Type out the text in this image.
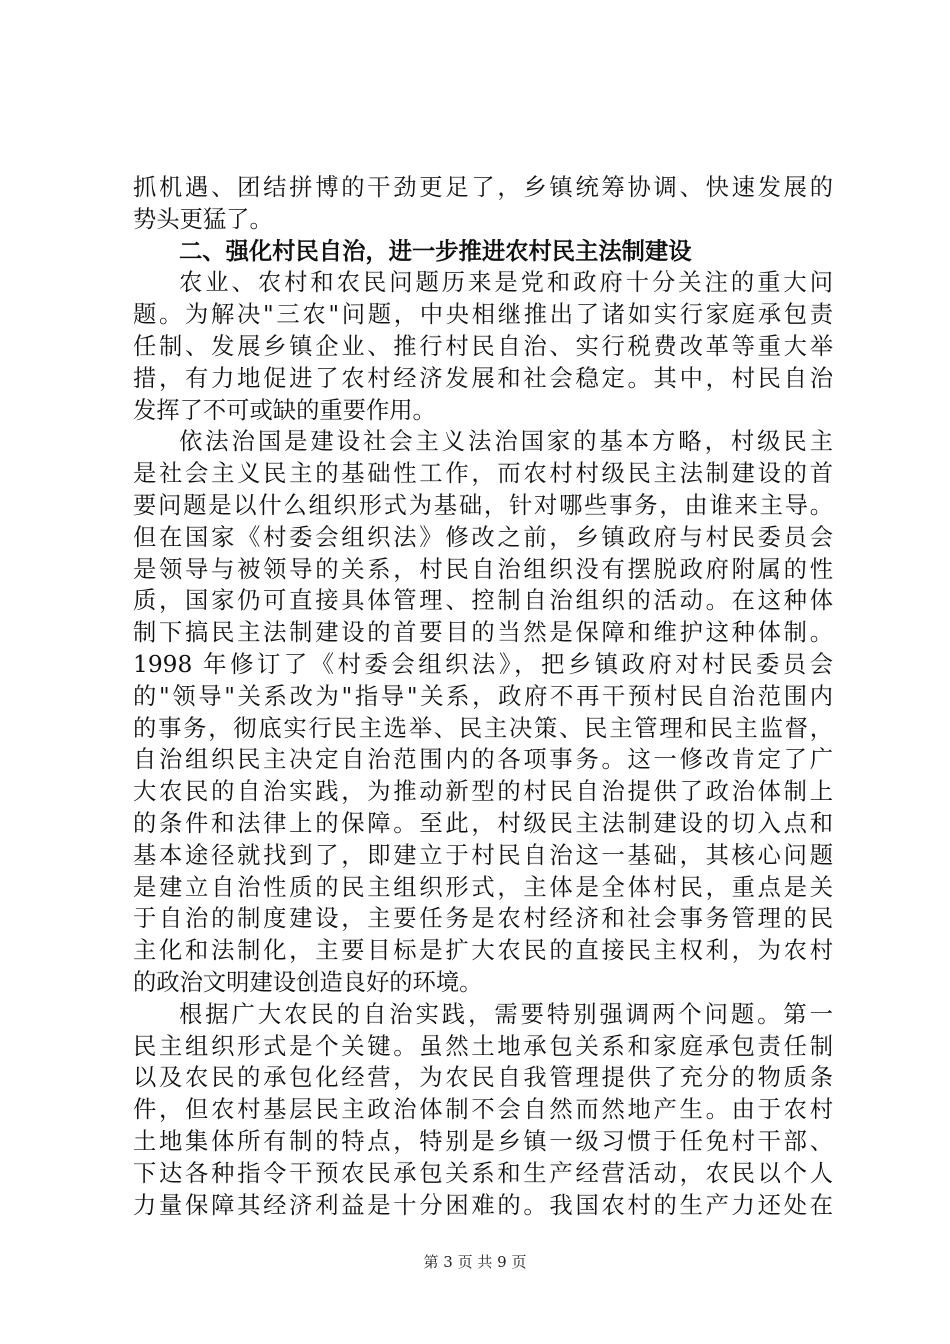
抓机遇、团结拼博的干劲更足了，乡镇统筹协调、快速发展的
势头更猛了。
二、强化村民自治，进一步推进农村民主法制建设
农业、农村和农民问题历来是党和政府十分关注的重大问
题。为解决"三农"问题，中央相继推出了诸如实行家庭承包责
任制、发展乡镇企业、推行村民自治、实行税费改革等重大举
措，有力地促进了农村经济发展和社会稳定。其中，村民自治
发挥了不可或缺的重要作用。
依法治国是建设社会主义法治国家的基本方略，村级民主
是社会主义民主的基础性工作，而农村村级民主法制建设的首
要问题是以什么组织形式为基础，针对哪些事务，由谁来主导。
但在国家《村委会组织法》修改之前，乡镇政府与村民委员会
是领导与被领导的关系，村民自治组织没有摆脱政府附属的性
质，国家仍可直接具体管理、控制自治组织的活动。在这种体
制下搞民主法制建设的首要目的当然是保障和维护这种体制。
1998 年修订了《村委会组织法》，把乡镇政府对村民委员会
的"领导"关系改为"指导"关系，政府不再干预村民自治范围内
的事务，彻底实行民主选举、民主决策、民主管理和民主监督，
自治组织民主决定自治范围内的各项事务。这一修改肯定了广
大农民的自治实践，为推动新型的村民自治提供了政治体制上
的条件和法律上的保障。至此，村级民主法制建设的切入点和
基本途径就找到了，即建立于村民自治这一基础，其核心问题
是建立自治性质的民主组织形式，主体是全体村民，重点是关
于自治的制度建设，主要任务是农村经济和社会事务管理的民
主化和法制化，主要目标是扩大农民的直接民主权利，为农村
的政治文明建设创造良好的环境。
根据广大农民的自治实践，需要特别强调两个问题。第一
民主组织形式是个关键。虽然土地承包关系和家庭承包责任制
以及农民的承包化经营，为农民自我管理提供了充分的物质条
件，但农村基层民主政治体制不会自然而然地产生。由于农村
土地集体所有制的特点，特别是乡镇一级习惯于任免村干部、
下达各种指令干预农民承包关系和生产经营活动，农民以个人
力量保障其经济利益是十分困难的。我国农村的生产力还处在
第 3 页 共 9 页
